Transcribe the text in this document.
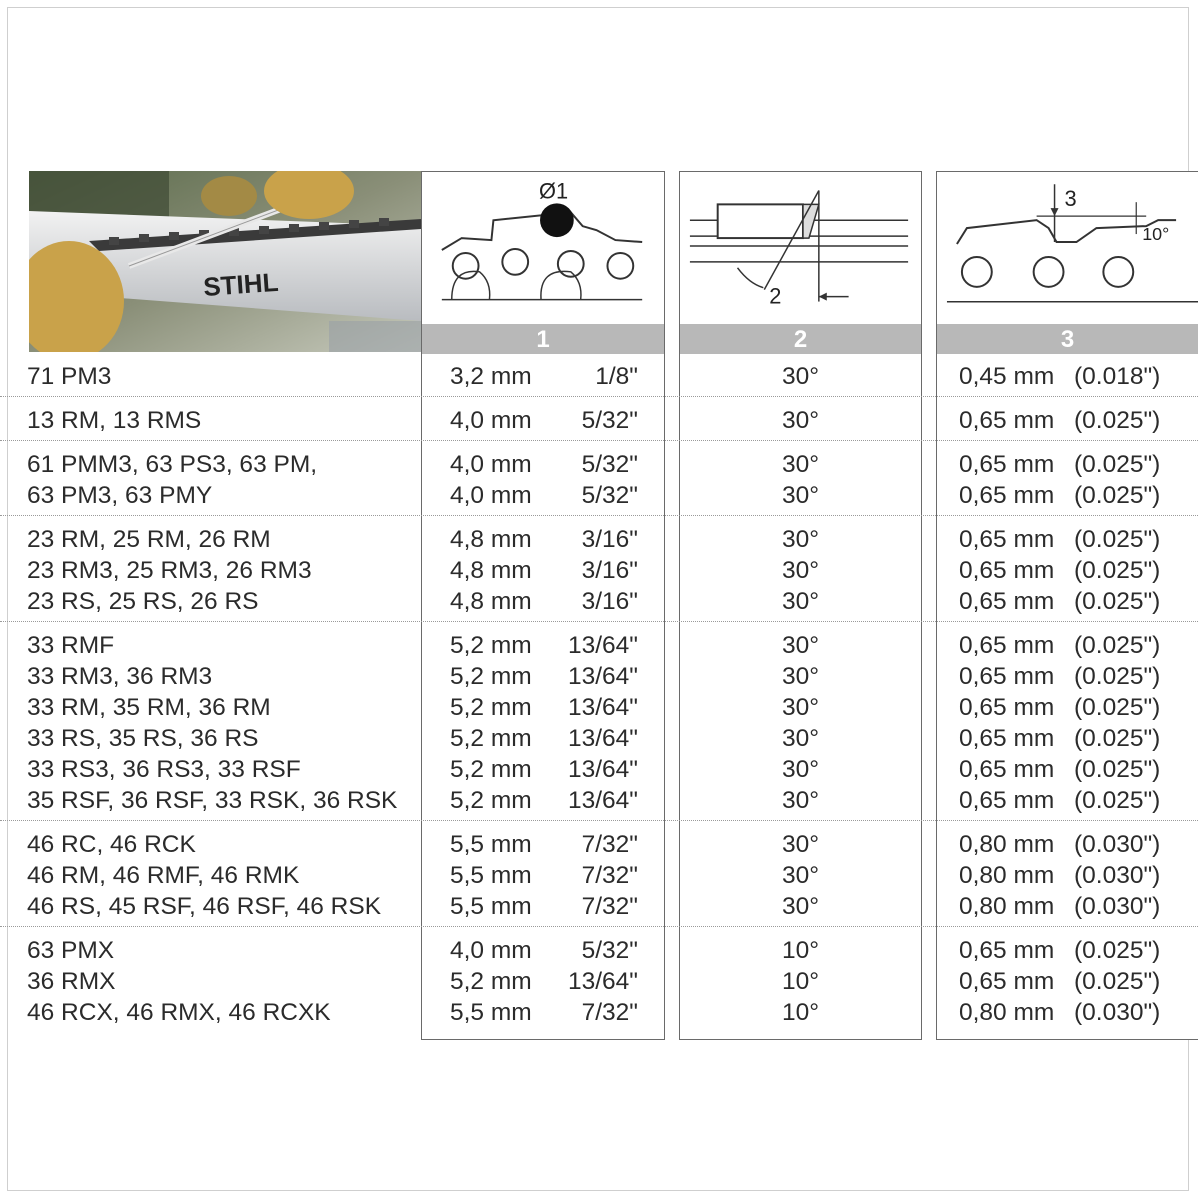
STIHL
Ø1
1
2
2
3
10°
3
71 PM3	3,2 mm	1/8"	30°	0,45 mm (0.018")
13 RM, 13 RMS	4,0 mm	5/32"	30°	0,65 mm (0.025")
61 PMM3, 63 PS3, 63 PM,	4,0 mm	5/32"	30°	0,65 mm (0.025")
63 PM3, 63 PMY	4,0 mm	5/32"	30°	0,65 mm (0.025")
23 RM, 25 RM, 26 RM	4,8 mm	3/16"	30°	0,65 mm (0.025")
23 RM3, 25 RM3, 26 RM3	4,8 mm	3/16"	30°	0,65 mm (0.025")
23 RS, 25 RS, 26 RS	4,8 mm	3/16"	30°	0,65 mm (0.025")
33 RMF	5,2 mm	13/64"	30°	0,65 mm (0.025")
33 RM3, 36 RM3	5,2 mm	13/64"	30°	0,65 mm (0.025")
33 RM, 35 RM, 36 RM	5,2 mm	13/64"	30°	0,65 mm (0.025")
33 RS, 35 RS, 36 RS	5,2 mm	13/64"	30°	0,65 mm (0.025")
33 RS3, 36 RS3, 33 RSF	5,2 mm	13/64"	30°	0,65 mm (0.025")
35 RSF, 36 RSF, 33 RSK, 36 RSK 5,2 mm	13/64"	30°	0,65 mm (0.025")
46 RC, 46 RCK	5,5 mm	7/32"	30°	0,80 mm (0.030")
46 RM, 46 RMF, 46 RMK	5,5 mm	7/32"	30°	0,80 mm (0.030")
46 RS, 45 RSF, 46 RSF, 46 RSK	5,5 mm	7/32"	30°	0,80 mm (0.030")
63 PMX	4,0 mm	5/32"	10°	0,65 mm (0.025")
36 RMX	5,2 mm	13/64"	10°	0,65 mm (0.025")
46 RCX, 46 RMX, 46 RCXK	5,5 mm	7/32"	10°	0,80 mm (0.030")
